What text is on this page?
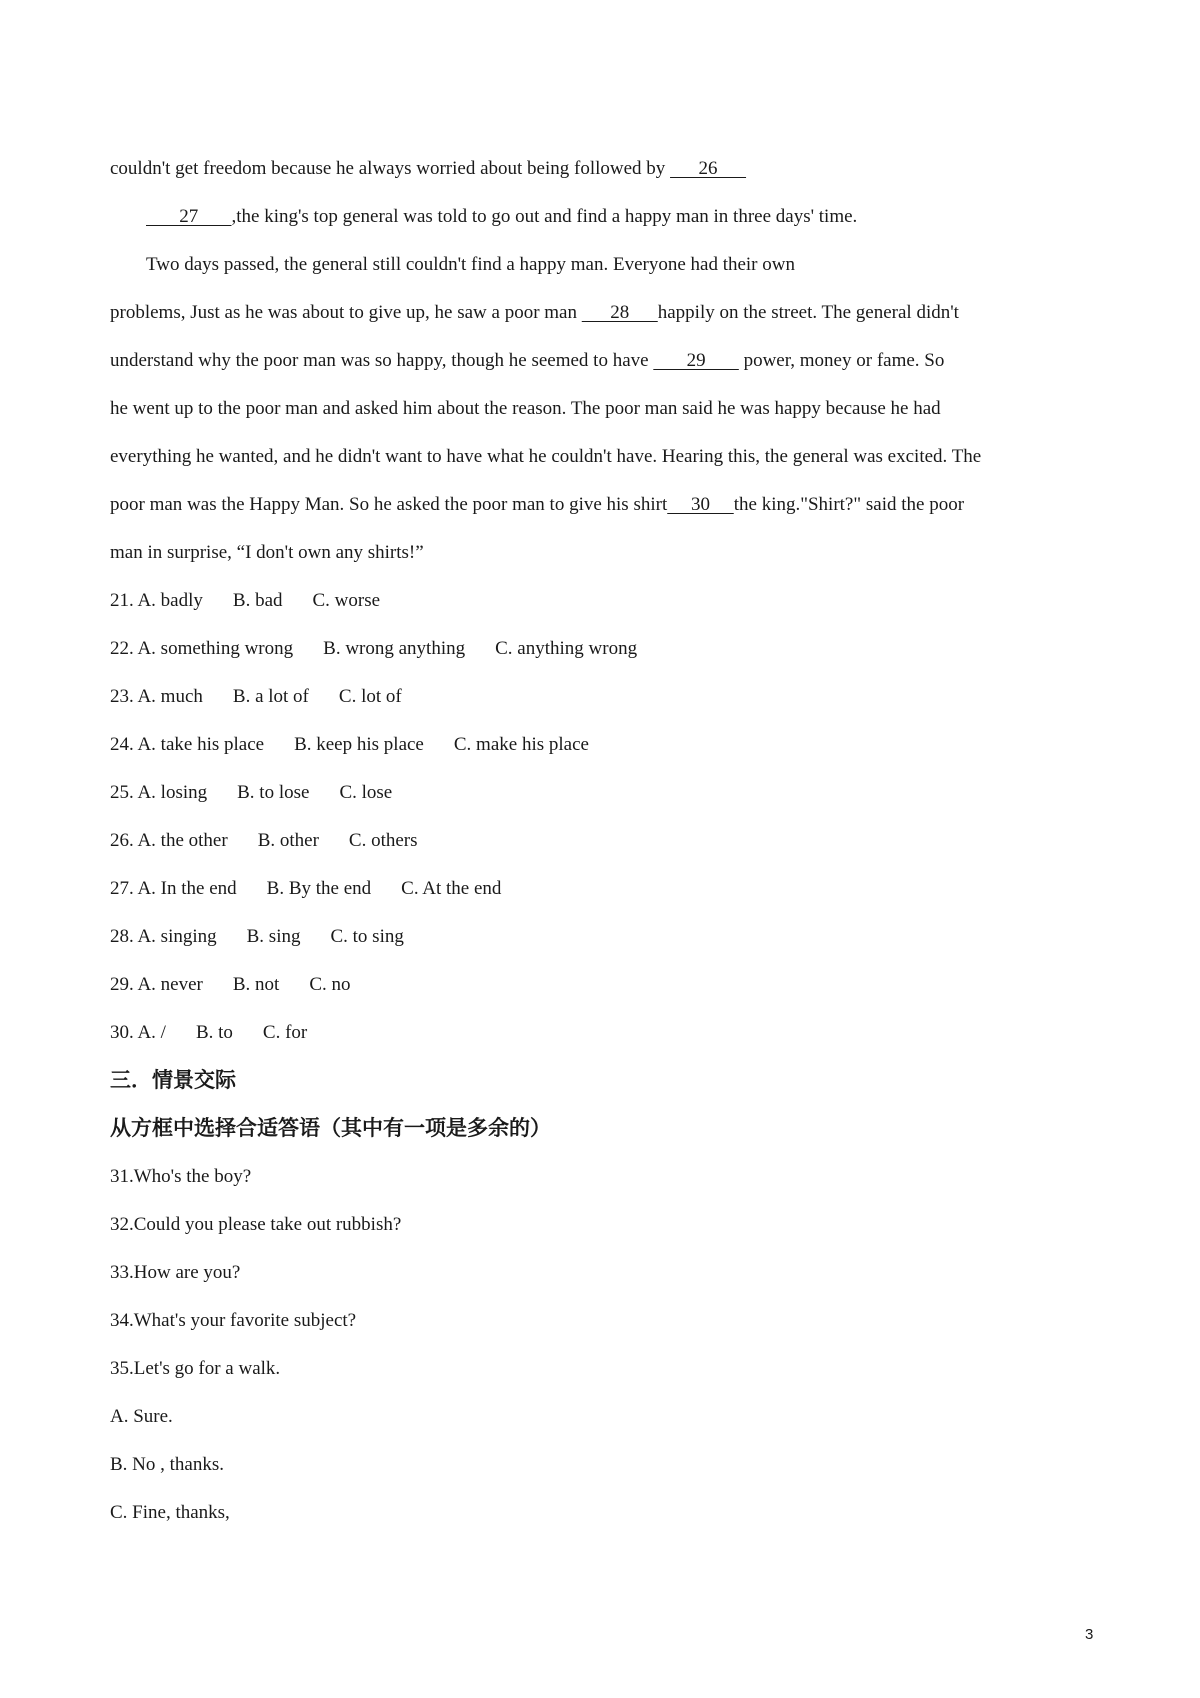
couldn't get freedom because he always worried about being followed by       26
27       ,the king's top general was told to go out and find a happy man in three days' time.
Two days passed, the general still couldn't find a happy man. Everyone had their own
problems, Just as he was about to give up, he saw a poor man       28      happily on the street. The general didn't
understand why the poor man was so happy, though he seemed to have        29        power, money or fame. So
he went up to the poor man and asked him about the reason. The poor man said he was happy because he had
everything he wanted, and he didn't want to have what he couldn't have. Hearing this, the general was excited. The
poor man was the Happy Man. So he asked the poor man to give his shirt     30     the king."Shirt?" said the poor
man in surprise, “I don't own any shirts!”
21. A. badly B. bad C. worse
22. A. something wrong B. wrong anything C. anything wrong
23. A. much B. a lot of C. lot of
24. A. take his place B. keep his place C. make his place
25. A. losing B. to lose C. lose
26. A. the other B. other C. others
27. A. In the end B. By the end C. At the end
28. A. singing B. sing C. to sing
29. A. never B. not C. no
30. A. / B. to C. for
三．情景交际
从方框中选择合适答语（其中有一项是多余的）
31.Who's the boy?
32.Could you please take out rubbish?
33.How are you?
34.What's your favorite subject?
35.Let's go for a walk.
A. Sure.
B. No , thanks.
C. Fine, thanks,
3
